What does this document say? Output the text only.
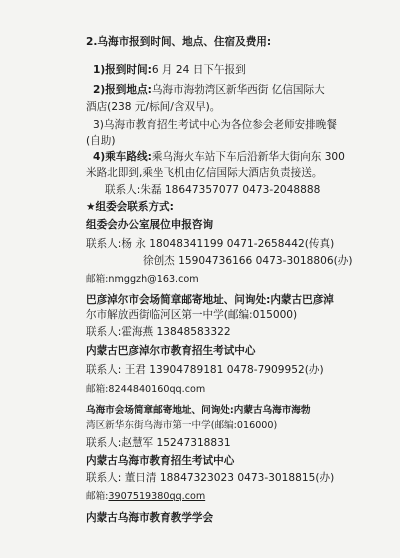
2.乌海市报到时间、地点、住宿及费用:
1)报到时间:6 月 24 日下午报到
2)报到地点:乌海市海勃湾区新华西街 亿信国际大
酒店(238 元/标间/含双早)。
3)乌海市教育招生考试中心为各位参会老师安排晚餐
(自助)
4)乘车路线:乘乌海火车站下车后沿新华大街向东 300
米路北即到,乘坐飞机由亿信国际大酒店负责接送。
联系人:朱磊 18647357077 0473-2048888
★组委会联系方式:
组委会办公室展位申报咨询
联系人:杨 永 18048341199 0471-2658442(传真)
徐创杰 15904736166 0473-3018806(办)
邮箱:nmggzh@163.com
巴彦淖尔市会场简章邮寄地址、问询处:内蒙古巴彦淖
尔市解放西街临河区第一中学(邮编:015000)
联系人:霍海燕 13848583322
内蒙古巴彦淖尔市教育招生考试中心
联系人: 王君 13904789181 0478-7909952(办)
邮箱:8244840160qq.com
乌海市会场简章邮寄地址、问询处:内蒙古乌海市海勃
湾区新华东街乌海市第一中学(邮编:016000)
联系人:赵慧军 15247318831
内蒙古乌海市教育招生考试中心
联系人: 董日清 18847323023 0473-3018815(办)
邮箱:3907519380qq.com
内蒙古乌海市教育教学学会
